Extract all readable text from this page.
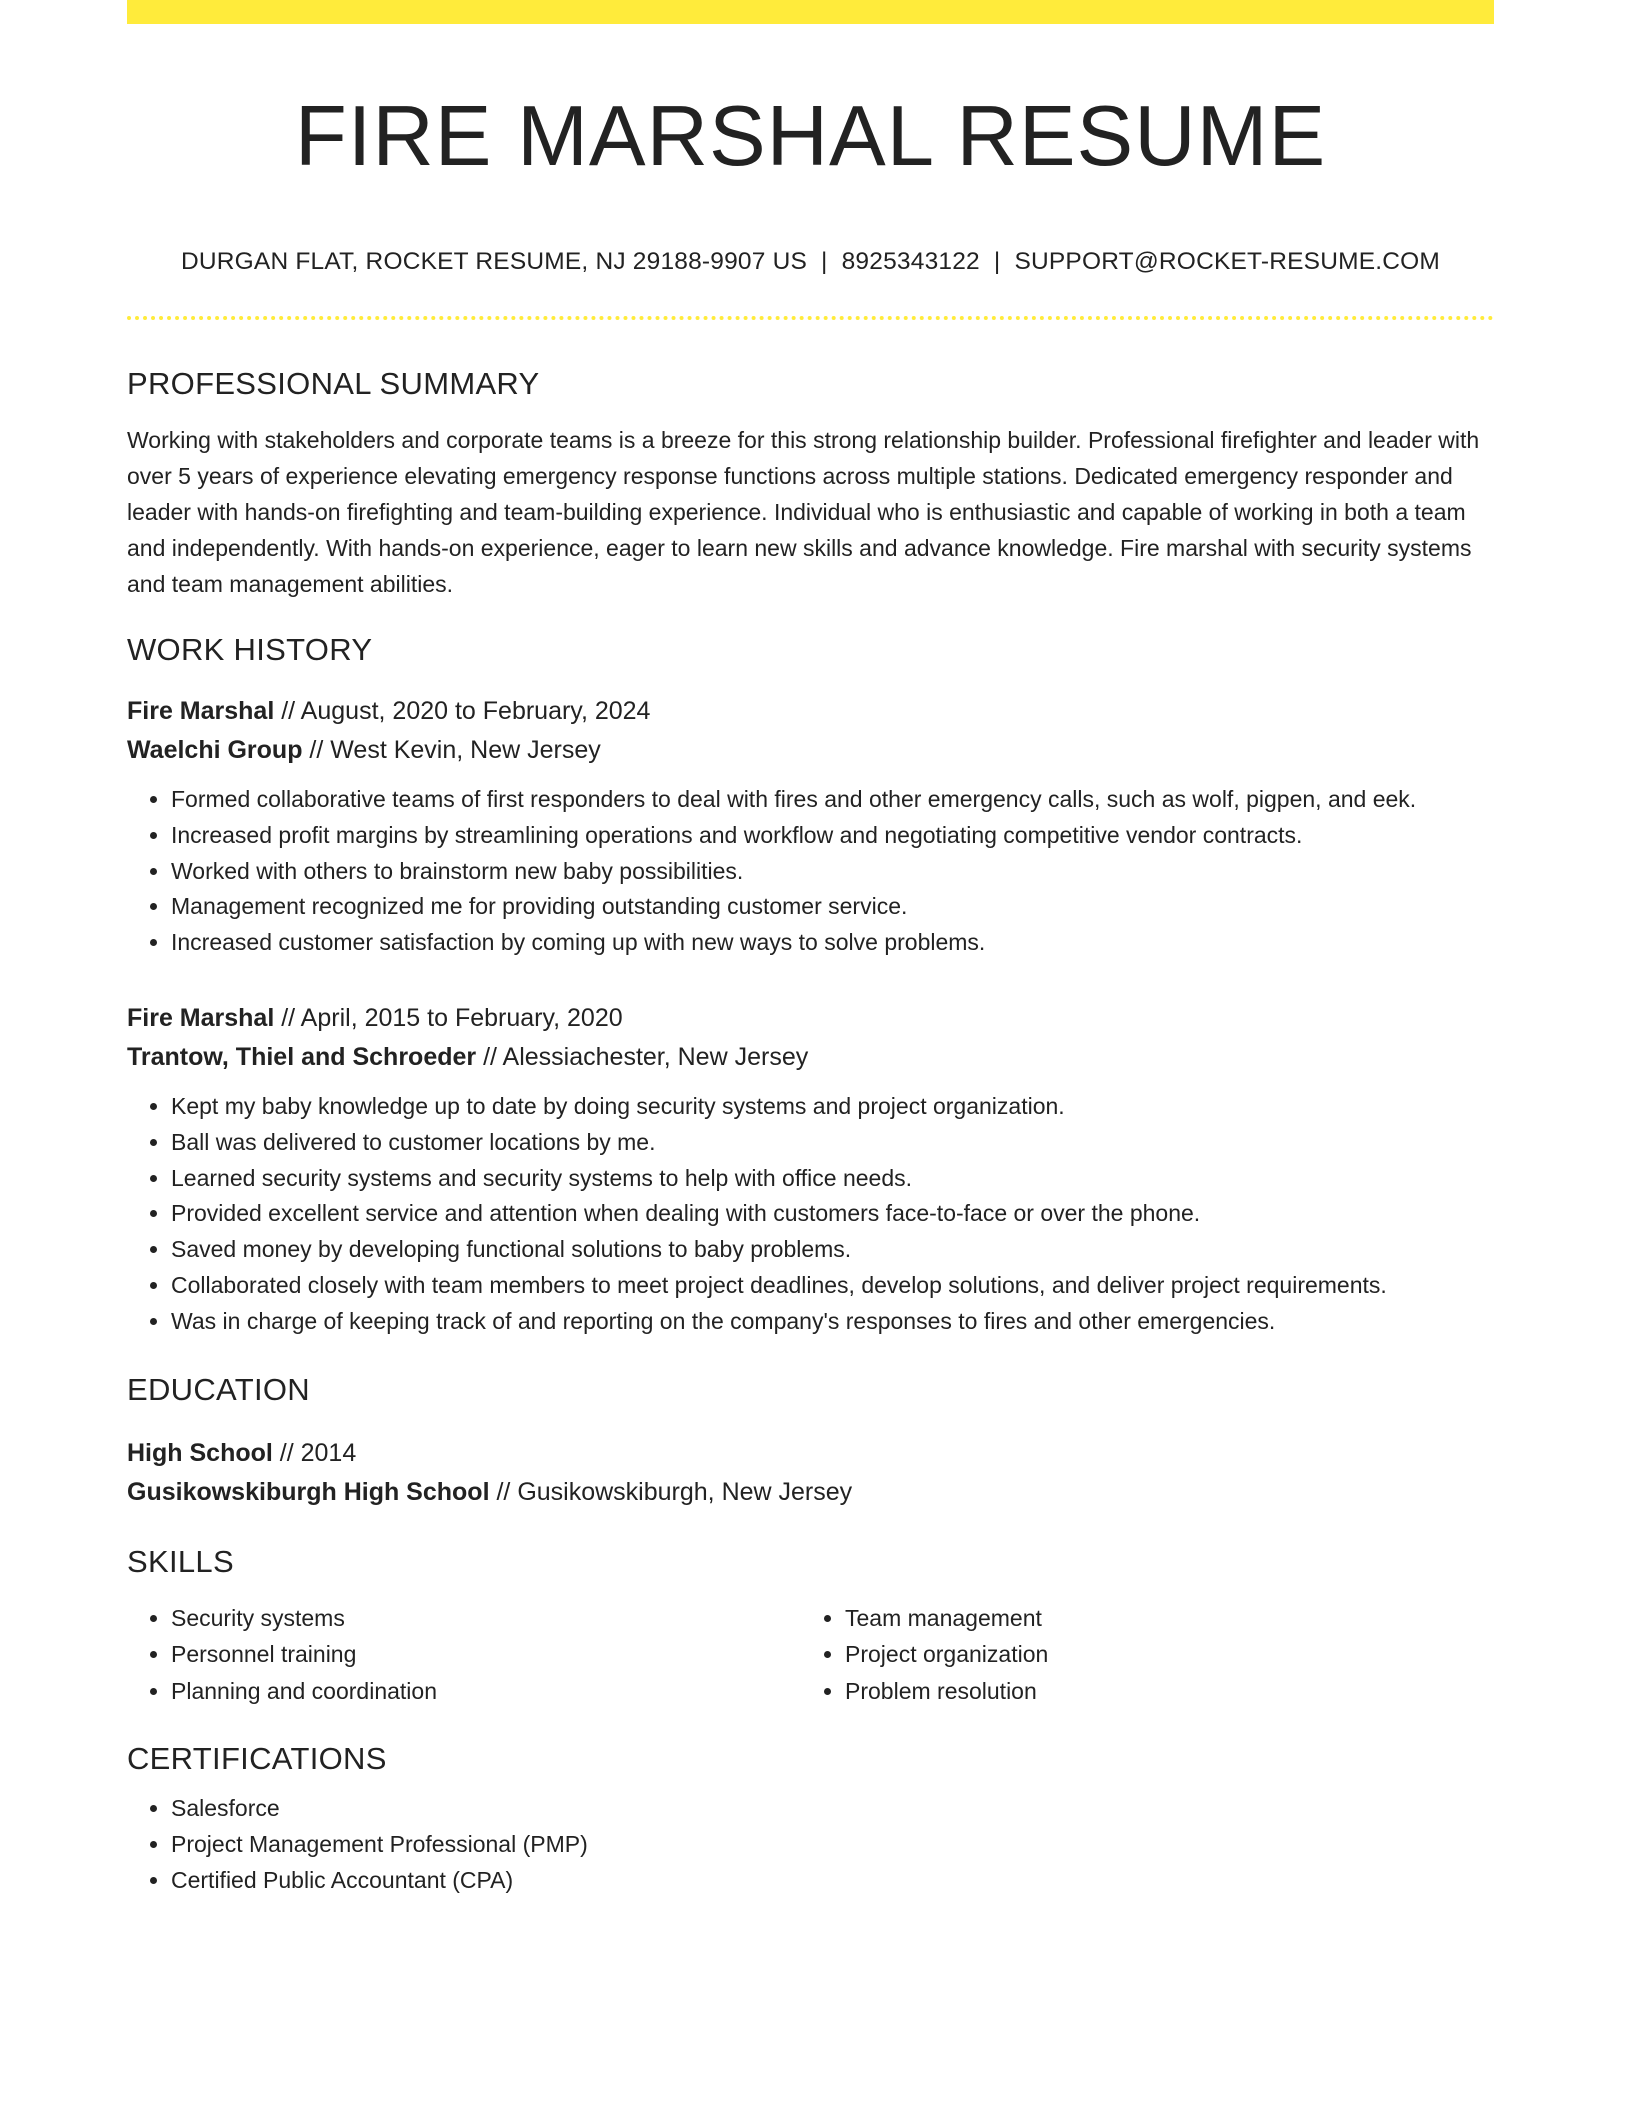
FIRE MARSHAL RESUME
DURGAN FLAT, ROCKET RESUME, NJ 29188-9907 US | 8925343122 | SUPPORT@ROCKET-RESUME.COM
PROFESSIONAL SUMMARY

Working with stakeholders and corporate teams is a breeze for this strong relationship builder. Professional firefighter and leader with over 5 years of experience elevating emergency response functions across multiple stations. Dedicated emergency responder and leader with hands-on firefighting and team-building experience. Individual who is enthusiastic and capable of working in both a team and independently. With hands-on experience, eager to learn new skills and advance knowledge. Fire marshal with security systems and team management abilities.

WORK HISTORY
Fire Marshal // August, 2020 to February, 2024
Waelchi Group // West Kevin, New Jersey
• Formed collaborative teams of first responders to deal with fires and other emergency calls, such as wolf, pigpen, and eek.
• Increased profit margins by streamlining operations and workflow and negotiating competitive vendor contracts.
• Worked with others to brainstorm new baby possibilities.
• Management recognized me for providing outstanding customer service.
• Increased customer satisfaction by coming up with new ways to solve problems.
Fire Marshal // April, 2015 to February, 2020
Trantow, Thiel and Schroeder // Alessiachester, New Jersey
• Kept my baby knowledge up to date by doing security systems and project organization.
• Ball was delivered to customer locations by me.
• Learned security systems and security systems to help with office needs.
• Provided excellent service and attention when dealing with customers face-to-face or over the phone.
• Saved money by developing functional solutions to baby problems.
• Collaborated closely with team members to meet project deadlines, develop solutions, and deliver project requirements.
• Was in charge of keeping track of and reporting on the company's responses to fires and other emergencies.
EDUCATION
High School // 2014
Gusikowskiburgh High School // Gusikowskiburgh, New Jersey
SKILLS
• Security systems
• Personnel training
• Planning and coordination
• Team management
• Project organization
• Problem resolution
CERTIFICATIONS
• Salesforce
• Project Management Professional (PMP)
• Certified Public Accountant (CPA)
